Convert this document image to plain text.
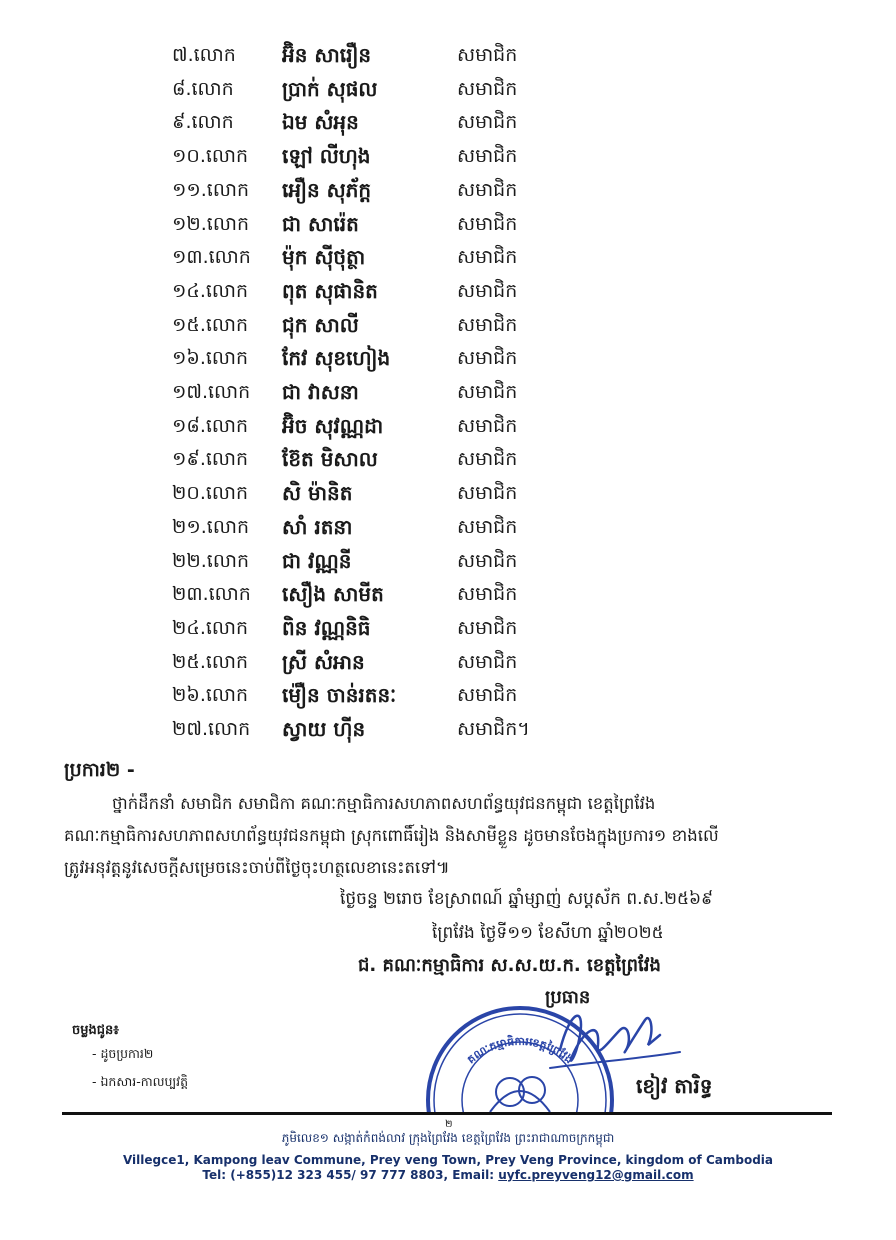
៧.លោក	អ៊ិន សារឿន	សមាជិក
៨.លោក	ប្រាក់ សុផល	សមាជិក
៩.លោក	ឯម សំអុន	សមាជិក
១០.លោក	ឡៅ លីហុង	សមាជិក
១១.លោក	អឿន សុភ័ក្ត	សមាជិក
១២.លោក	ជា សារ៉េត	សមាជិក
១៣.លោក	ម៉ុក ស៊ីថុត្ថា	សមាជិក
១៤.លោក	ពុត សុផានិត	សមាជិក
១៥.លោក	ជុក សាលី	សមាជិក
១៦.លោក	កែវ សុខហៀង	សមាជិក
១៧.លោក	ជា វាសនា	សមាជិក
១៨.លោក	អ៊ិច សុវណ្ណដា	សមាជិក
១៩.លោក	ខ៊ែត មិសាល	សមាជិក
២០.លោក	សិ ម៉ានិត	សមាជិក
២១.លោក	សាំ រតនា	សមាជិក
២២.លោក	ជា វណ្ណនី	សមាជិក
២៣.លោក	សឿង សាមីត	សមាជិក
២៤.លោក	ពិន វណ្ណនិធិ	សមាជិក
២៥.លោក	ស្រី សំអាន	សមាជិក
២៦.លោក	ម៉ឿន ចាន់រតនៈ	សមាជិក
២៧.លោក	ស្វាយ ហ៊ីន	សមាជិក។
ប្រការ២ -
ថ្នាក់ដឹកនាំ សមាជិក សមាជិកា គណៈកម្មាធិការសហភាពសហព័ន្ធយុវជនកម្ពុជា ខេត្តព្រៃវែង
គណៈកម្មាធិការសហភាពសហព័ន្ធយុវជនកម្ពុជា ស្រុកពោធិ៍រៀង និងសាមីខ្លួន ដូចមានចែងក្នុងប្រការ១ ខាងលើ
ត្រូវអនុវត្តនូវសេចក្តីសម្រេចនេះចាប់ពីថ្ងៃចុះហត្ថលេខានេះតទៅ៕
ថ្ងៃចន្ទ ២រោច ខែស្រាពណ៍ ឆ្នាំម្សាញ់ សប្តស័ក ព.ស.២៥៦៩
ព្រៃវែង ថ្ងៃទី១១ ខែសីហា ឆ្នាំ២០២៥
ជ. គណៈកម្មាធិការ ស.ស.យ.ក. ខេត្តព្រៃវែង
ប្រធាន
ចម្លងជូន៖
- ដូចប្រការ២
- ឯកសារ-កាលប្បវត្តិ
គណៈកម្មាធិការខេត្តព្រៃវែង
ខៀវ តារិទ្ធ
២
ភូមិលេខ១ សង្កាត់កំពង់លាវ ក្រុងព្រៃវែង ខេត្តព្រៃវែង ព្រះរាជាណាចក្រកម្ពុជា
Villegce1, Kampong leav Commune, Prey veng Town, Prey Veng Province, kingdom of Cambodia
Tel: (+855)12 323 455/ 97 777 8803, Email: uyfc.preyveng12@gmail.com
